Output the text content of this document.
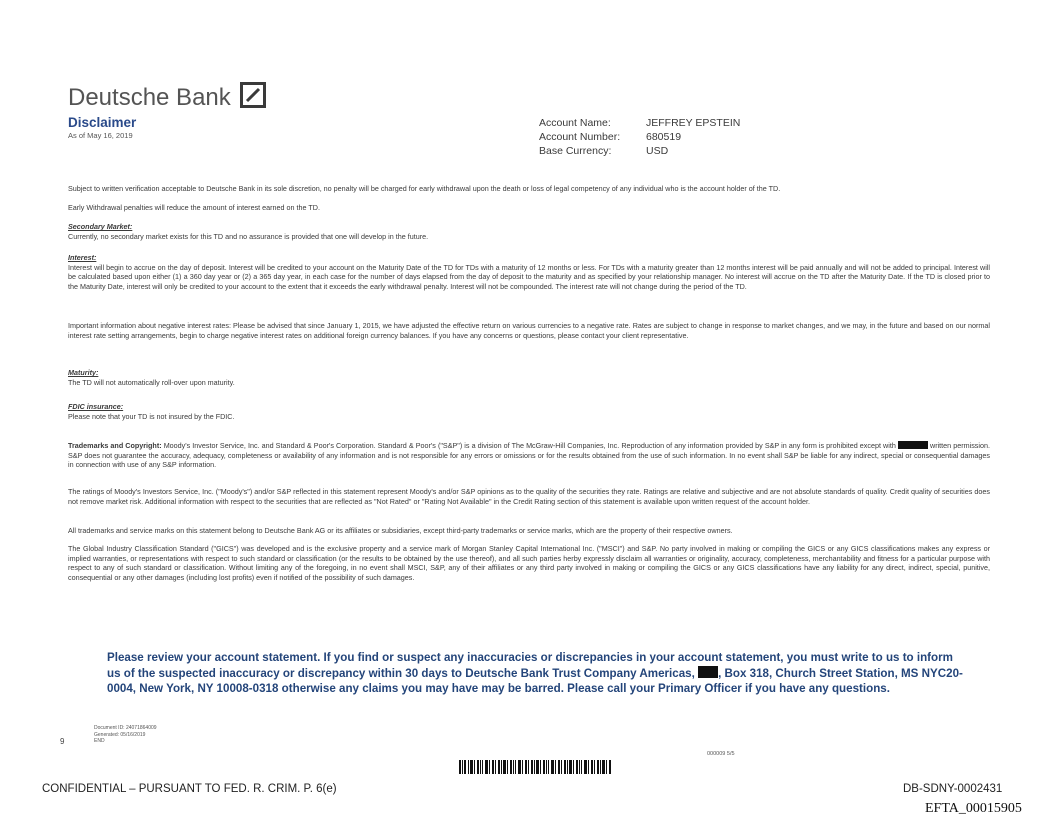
Deutsche Bank
Disclaimer
As of May 16, 2019
Account Name:	JEFFREY EPSTEIN
Account Number:	680519
Base Currency:	USD
Subject to written verification acceptable to Deutsche Bank in its sole discretion, no penalty will be charged for early withdrawal upon the death or loss of legal competency of any individual who is the account holder of the TD.
Early Withdrawal penalties will reduce the amount of interest earned on the TD.
Secondary Market:
Currently, no secondary market exists for this TD and no assurance is provided that one will develop in the future.
Interest:
Interest will begin to accrue on the day of deposit. Interest will be credited to your account on the Maturity Date of the TD for TDs with a maturity of 12 months or less. For TDs with a maturity greater than 12 months interest will be paid annually and will not be added to principal. Interest will be calculated based upon either (1) a 360 day year or (2) a 365 day year, in each case for the number of days elapsed from the day of deposit to the maturity and as specified by your relationship manager. No interest will accrue on the TD after the Maturity Date. If the TD is closed prior to the Maturity Date, interest will only be credited to your account to the extent that it exceeds the early withdrawal penalty. Interest will not be compounded. The interest rate will not change during the period of the TD.
Important information about negative interest rates: Please be advised that since January 1, 2015, we have adjusted the effective return on various currencies to a negative rate. Rates are subject to change in response to market changes, and we may, in the future and based on our normal interest rate setting arrangements, begin to charge negative interest rates on additional foreign currency balances. If you have any concerns or questions, please contact your client representative.
Maturity:
The TD will not automatically roll-over upon maturity.
FDIC insurance:
Please note that your TD is not insured by the FDIC.
Trademarks and Copyright: Moody's Investor Service, Inc. and Standard & Poor's Corporation. Standard & Poor's ("S&P") is a division of The McGraw-Hill Companies, Inc. Reproduction of any information provided by S&P in any form is prohibited except with	written permission. S&P does not guarantee the accuracy, adequacy, completeness or availability of any information and is not responsible for any errors or omissions or for the results obtained from the use of such information. In no event shall S&P be liable for any indirect, special or consequential damages in connection with use of any S&P information.
The ratings of Moody's Investors Service, Inc. ("Moody's") and/or S&P reflected in this statement represent Moody's and/or S&P opinions as to the quality of the securities they rate. Ratings are relative and subjective and are not absolute standards of quality. Credit quality of securities does not remove market risk. Additional information with respect to the securities that are reflected as "Not Rated" or "Rating Not Available" in the Credit Rating section of this statement is available upon written request of the account holder.
All trademarks and service marks on this statement belong to Deutsche Bank AG or its affiliates or subsidiaries, except third-party trademarks or service marks, which are the property of their respective owners.
The Global Industry Classification Standard ("GICS") was developed and is the exclusive property and a service mark of Morgan Stanley Capital International Inc. ("MSCI") and S&P. No party involved in making or compiling the GICS or any GICS classifications makes any express or implied warranties, or representations with respect to such standard or classification (or the results to be obtained by the use thereof), and all such parties herby expressly disclaim all warranties or originality, accuracy, completeness, merchantability and fitness for a particular purpose with respect to any of such standard or classification. Without limiting any of the foregoing, in no event shall MSCI, S&P, any of their affiliates or any third party involved in making or compiling the GICS or any GICS classifications have any liability for any direct, indirect, special, punitive, consequential or any other damages (including lost profits) even if notified of the possibility of such damages.
Please review your account statement. If you find or suspect any inaccuracies or discrepancies in your account statement, you must write to us to inform us of the suspected inaccuracy or discrepancy within 30 days to Deutsche Bank Trust Company Americas, , Box 318, Church Street Station, MS NYC20-0004, New York, NY 10008-0318 otherwise any claims you may have may be barred. Please call your Primary Officer if you have any questions.
9
Document ID: 24071864009
Generated: 05/16/2019
END
000009 5/5
CONFIDENTIAL – PURSUANT TO FED. R. CRIM. P. 6(e)	DB-SDNY-0002431
EFTA_00015905
